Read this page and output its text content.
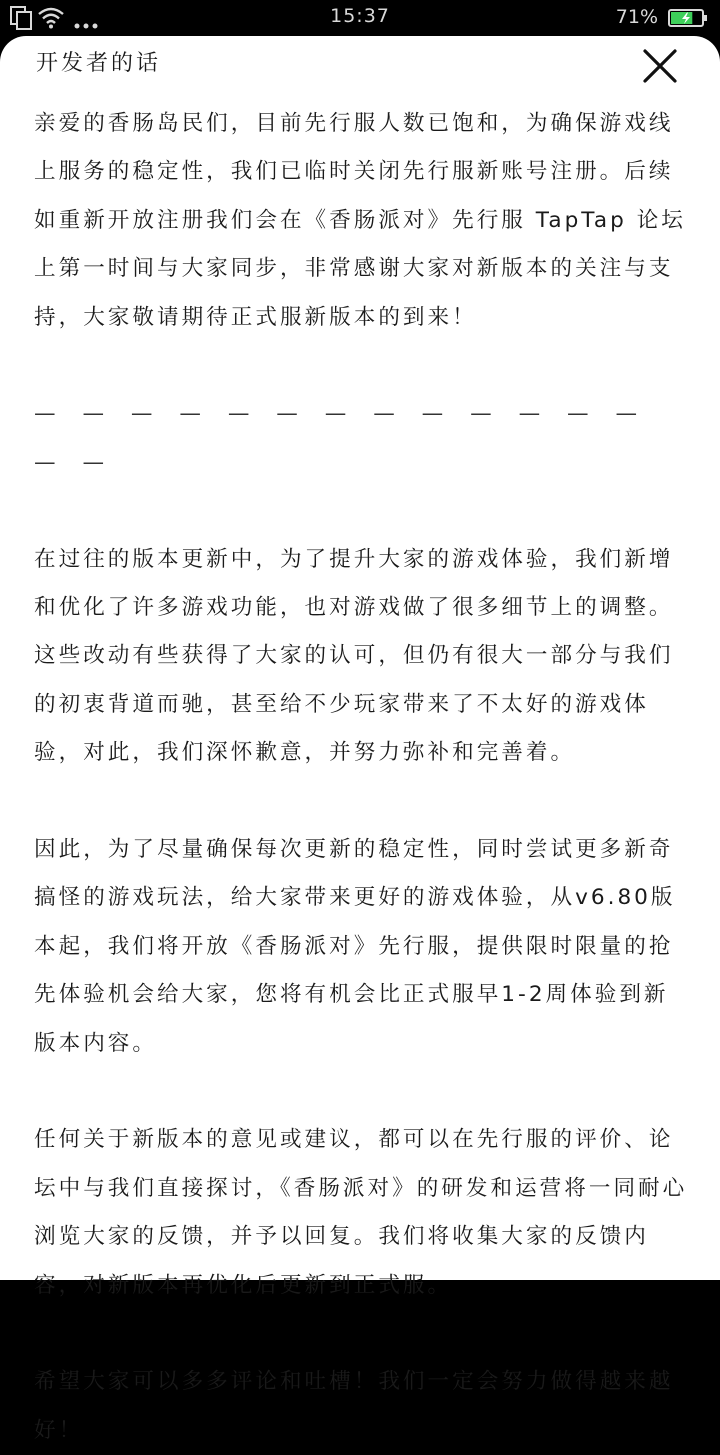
15:37	71%
开发者的话

亲爱的香肠岛民们，目前先行服人数已饱和，为确保游戏线上服务的稳定性，我们已临时关闭先行服新账号注册。后续如重新开放注册我们会在《香肠派对》先行服 TapTap 论坛上第一时间与大家同步，非常感谢大家对新版本的关注与支持，大家敬请期待正式服新版本的到来！

— — — — — — — — — — — — — — —

在过往的版本更新中，为了提升大家的游戏体验，我们新增和优化了许多游戏功能，也对游戏做了很多细节上的调整。这些改动有些获得了大家的认可，但仍有很大一部分与我们的初衷背道而驰，甚至给不少玩家带来了不太好的游戏体验，对此，我们深怀歉意，并努力弥补和完善着。

因此，为了尽量确保每次更新的稳定性，同时尝试更多新奇搞怪的游戏玩法，给大家带来更好的游戏体验，从v6.80版本起，我们将开放《香肠派对》先行服，提供限时限量的抢先体验机会给大家，您将有机会比正式服早1-2周体验到新版本内容。

任何关于新版本的意见或建议，都可以在先行服的评价、论坛中与我们直接探讨，《香肠派对》的研发和运营将一同耐心浏览大家的反馈，并予以回复。我们将收集大家的反馈内容，对新版本再优化后更新到正式服。

希望大家可以多多评论和吐槽！我们一定会努力做得越来越好！
